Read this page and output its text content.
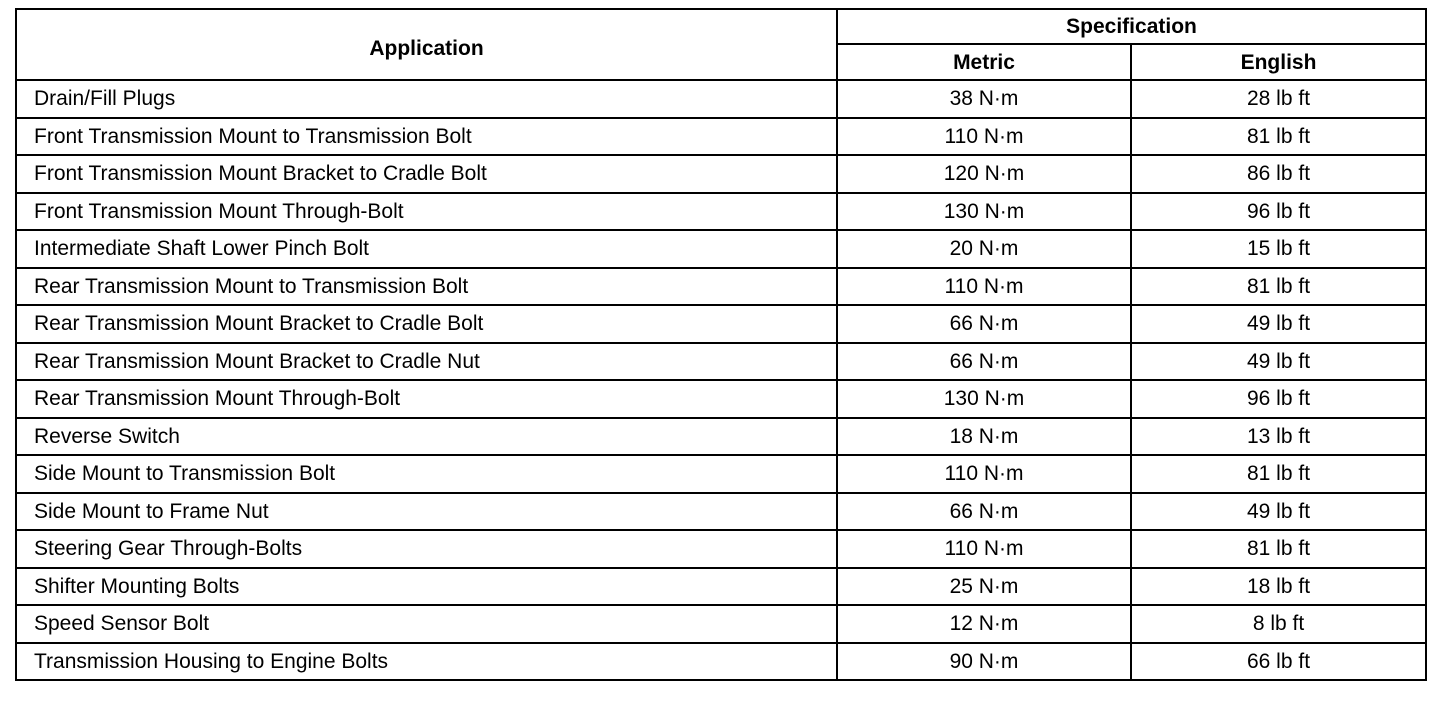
Application	Specification	
	Metric	English
Drain/Fill Plugs	38 N·m	28 lb ft
Front Transmission Mount to Transmission Bolt	110 N·m	81 lb ft
Front Transmission Mount Bracket to Cradle Bolt	120 N·m	86 lb ft
Front Transmission Mount Through-Bolt	130 N·m	96 lb ft
Intermediate Shaft Lower Pinch Bolt	20 N·m	15 lb ft
Rear Transmission Mount to Transmission Bolt	110 N·m	81 lb ft
Rear Transmission Mount Bracket to Cradle Bolt	66 N·m	49 lb ft
Rear Transmission Mount Bracket to Cradle Nut	66 N·m	49 lb ft
Rear Transmission Mount Through-Bolt	130 N·m	96 lb ft
Reverse Switch	18 N·m	13 lb ft
Side Mount to Transmission Bolt	110 N·m	81 lb ft
Side Mount to Frame Nut	66 N·m	49 lb ft
Steering Gear Through-Bolts	110 N·m	81 lb ft
Shifter Mounting Bolts	25 N·m	18 lb ft
Speed Sensor Bolt	12 N·m	8 lb ft
Transmission Housing to Engine Bolts	90 N·m	66 lb ft
